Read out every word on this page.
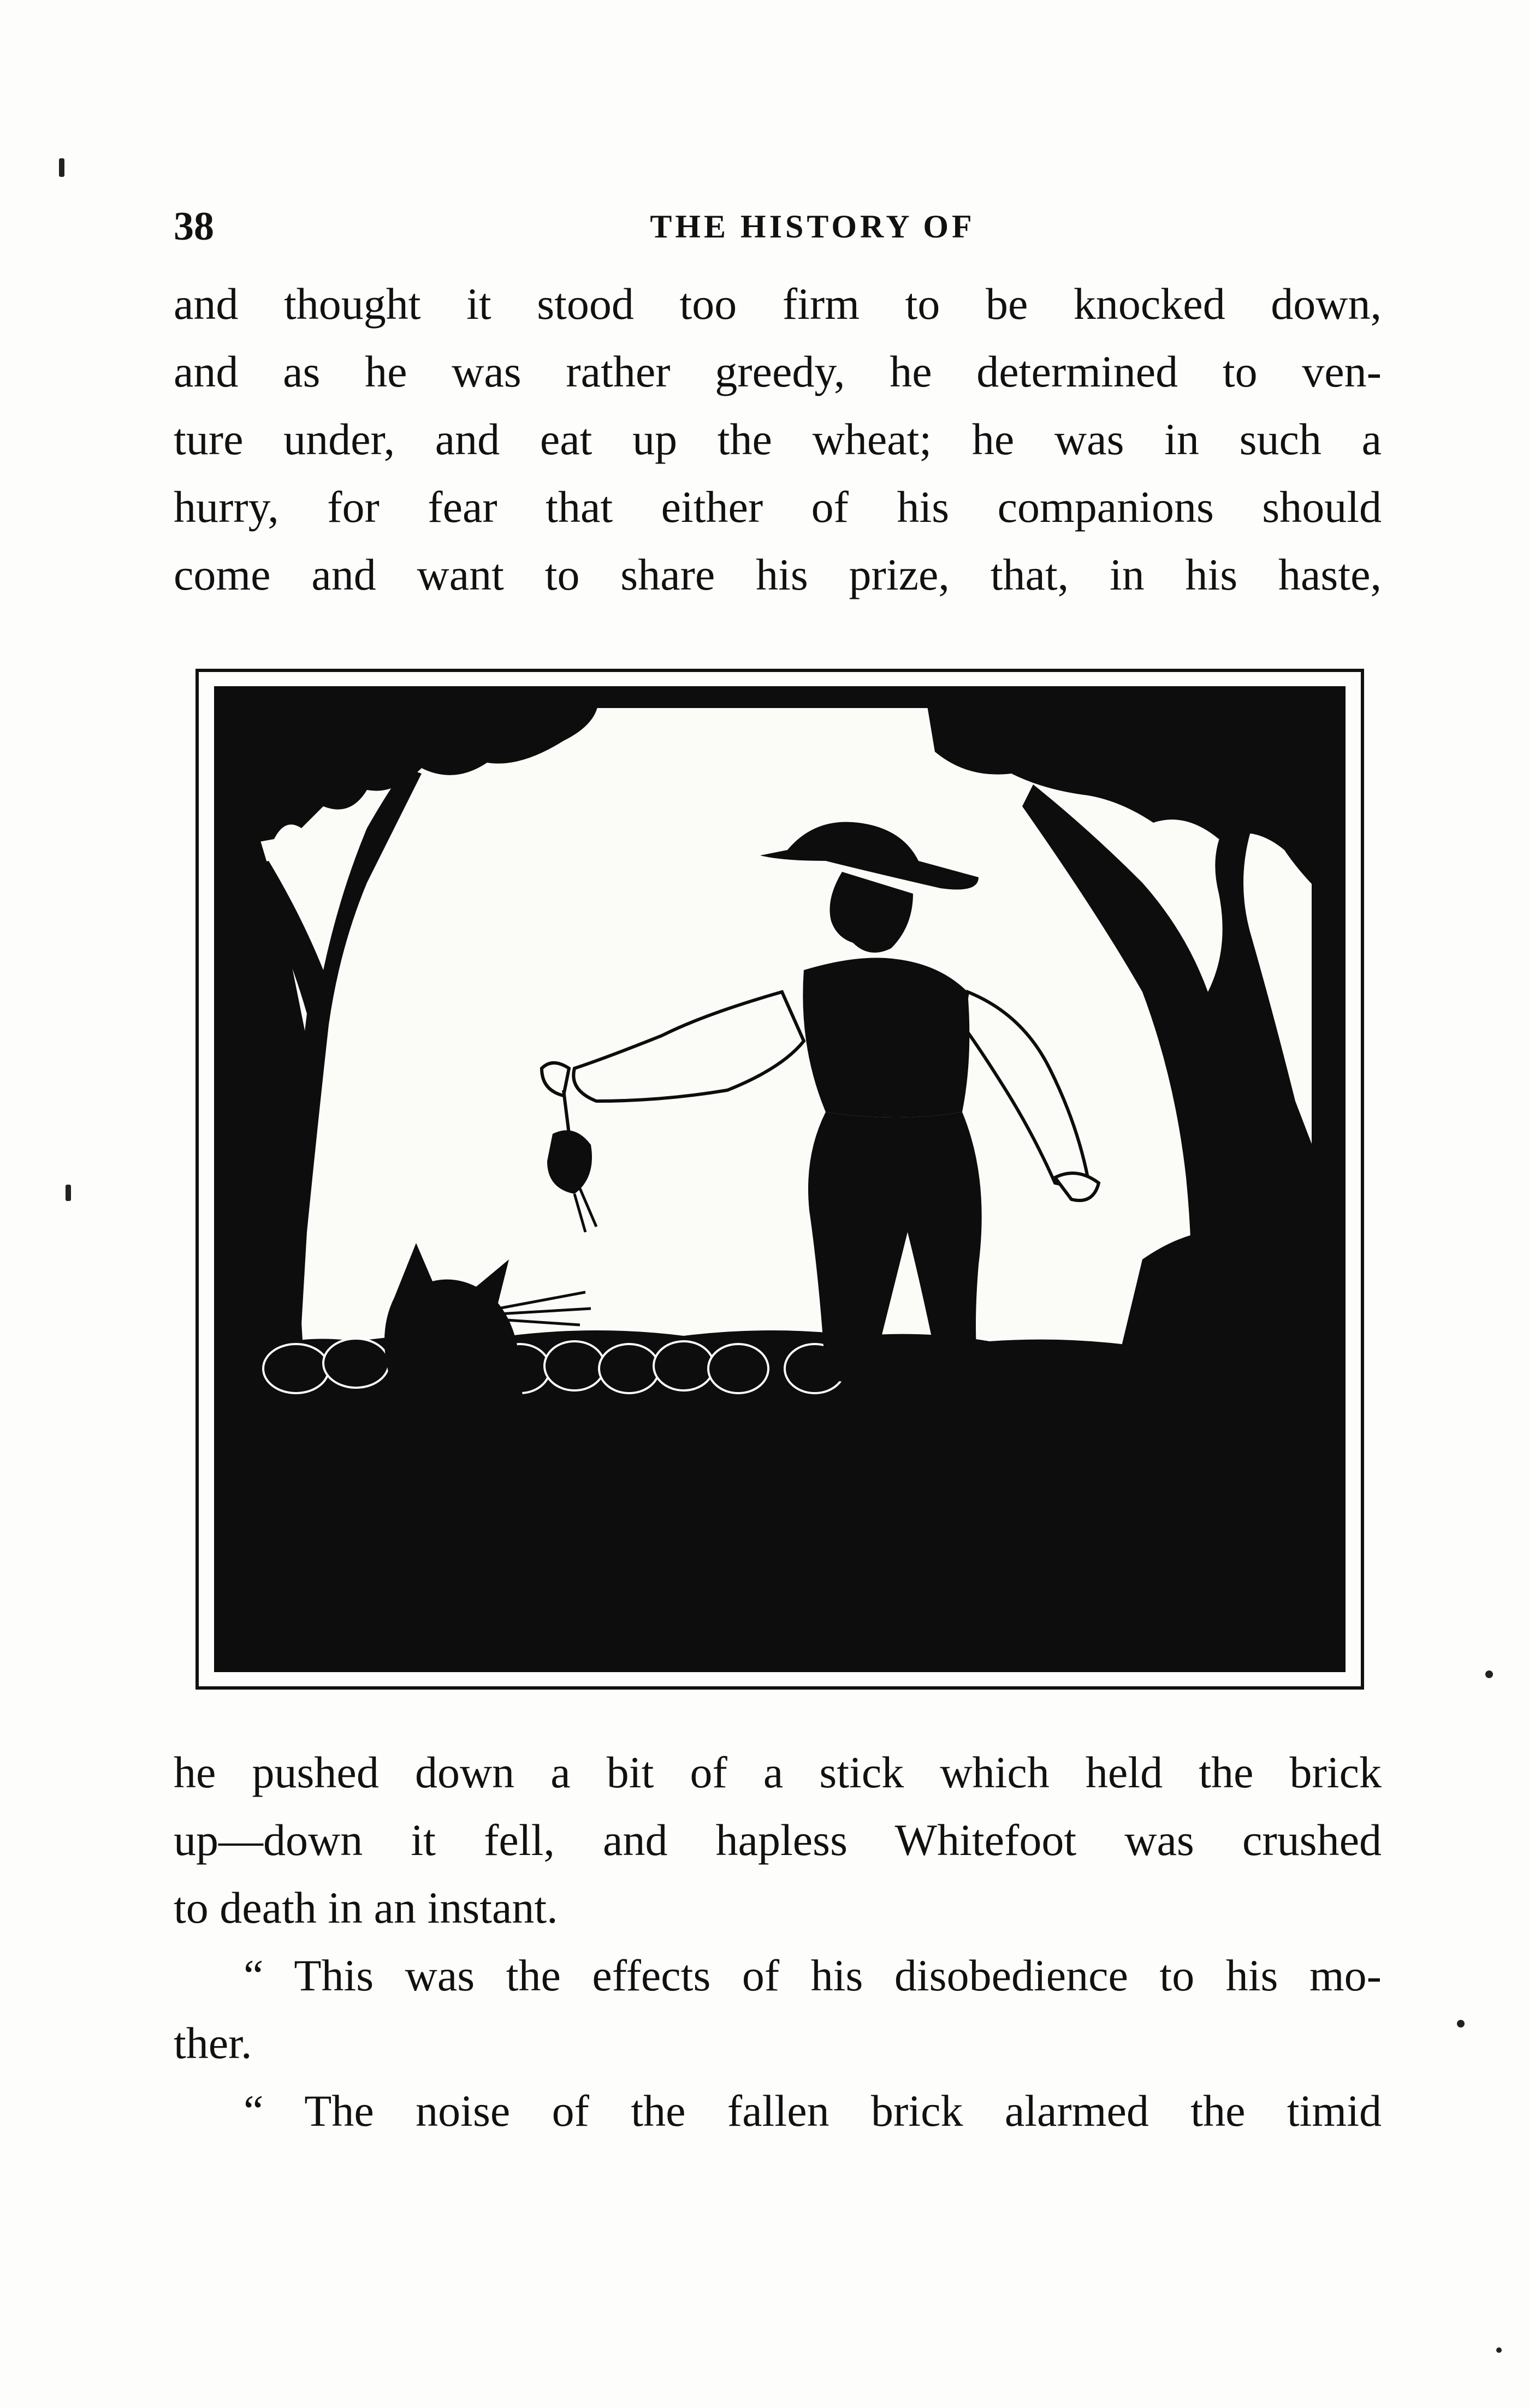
38	THE HISTORY OF
and thought it stood too firm to be knocked down,
and as he was rather greedy, he determined to ven-
ture under, and eat up the wheat; he was in such a
hurry, for fear that either of his companions should
come and want to share his prize, that, in his haste,
he pushed down a bit of a stick which held the brick
up—down it fell, and hapless Whitefoot was crushed
to death in an instant.
“ This was the effects of his disobedience to his mo-
ther.
“ The noise of the fallen brick alarmed the timid
